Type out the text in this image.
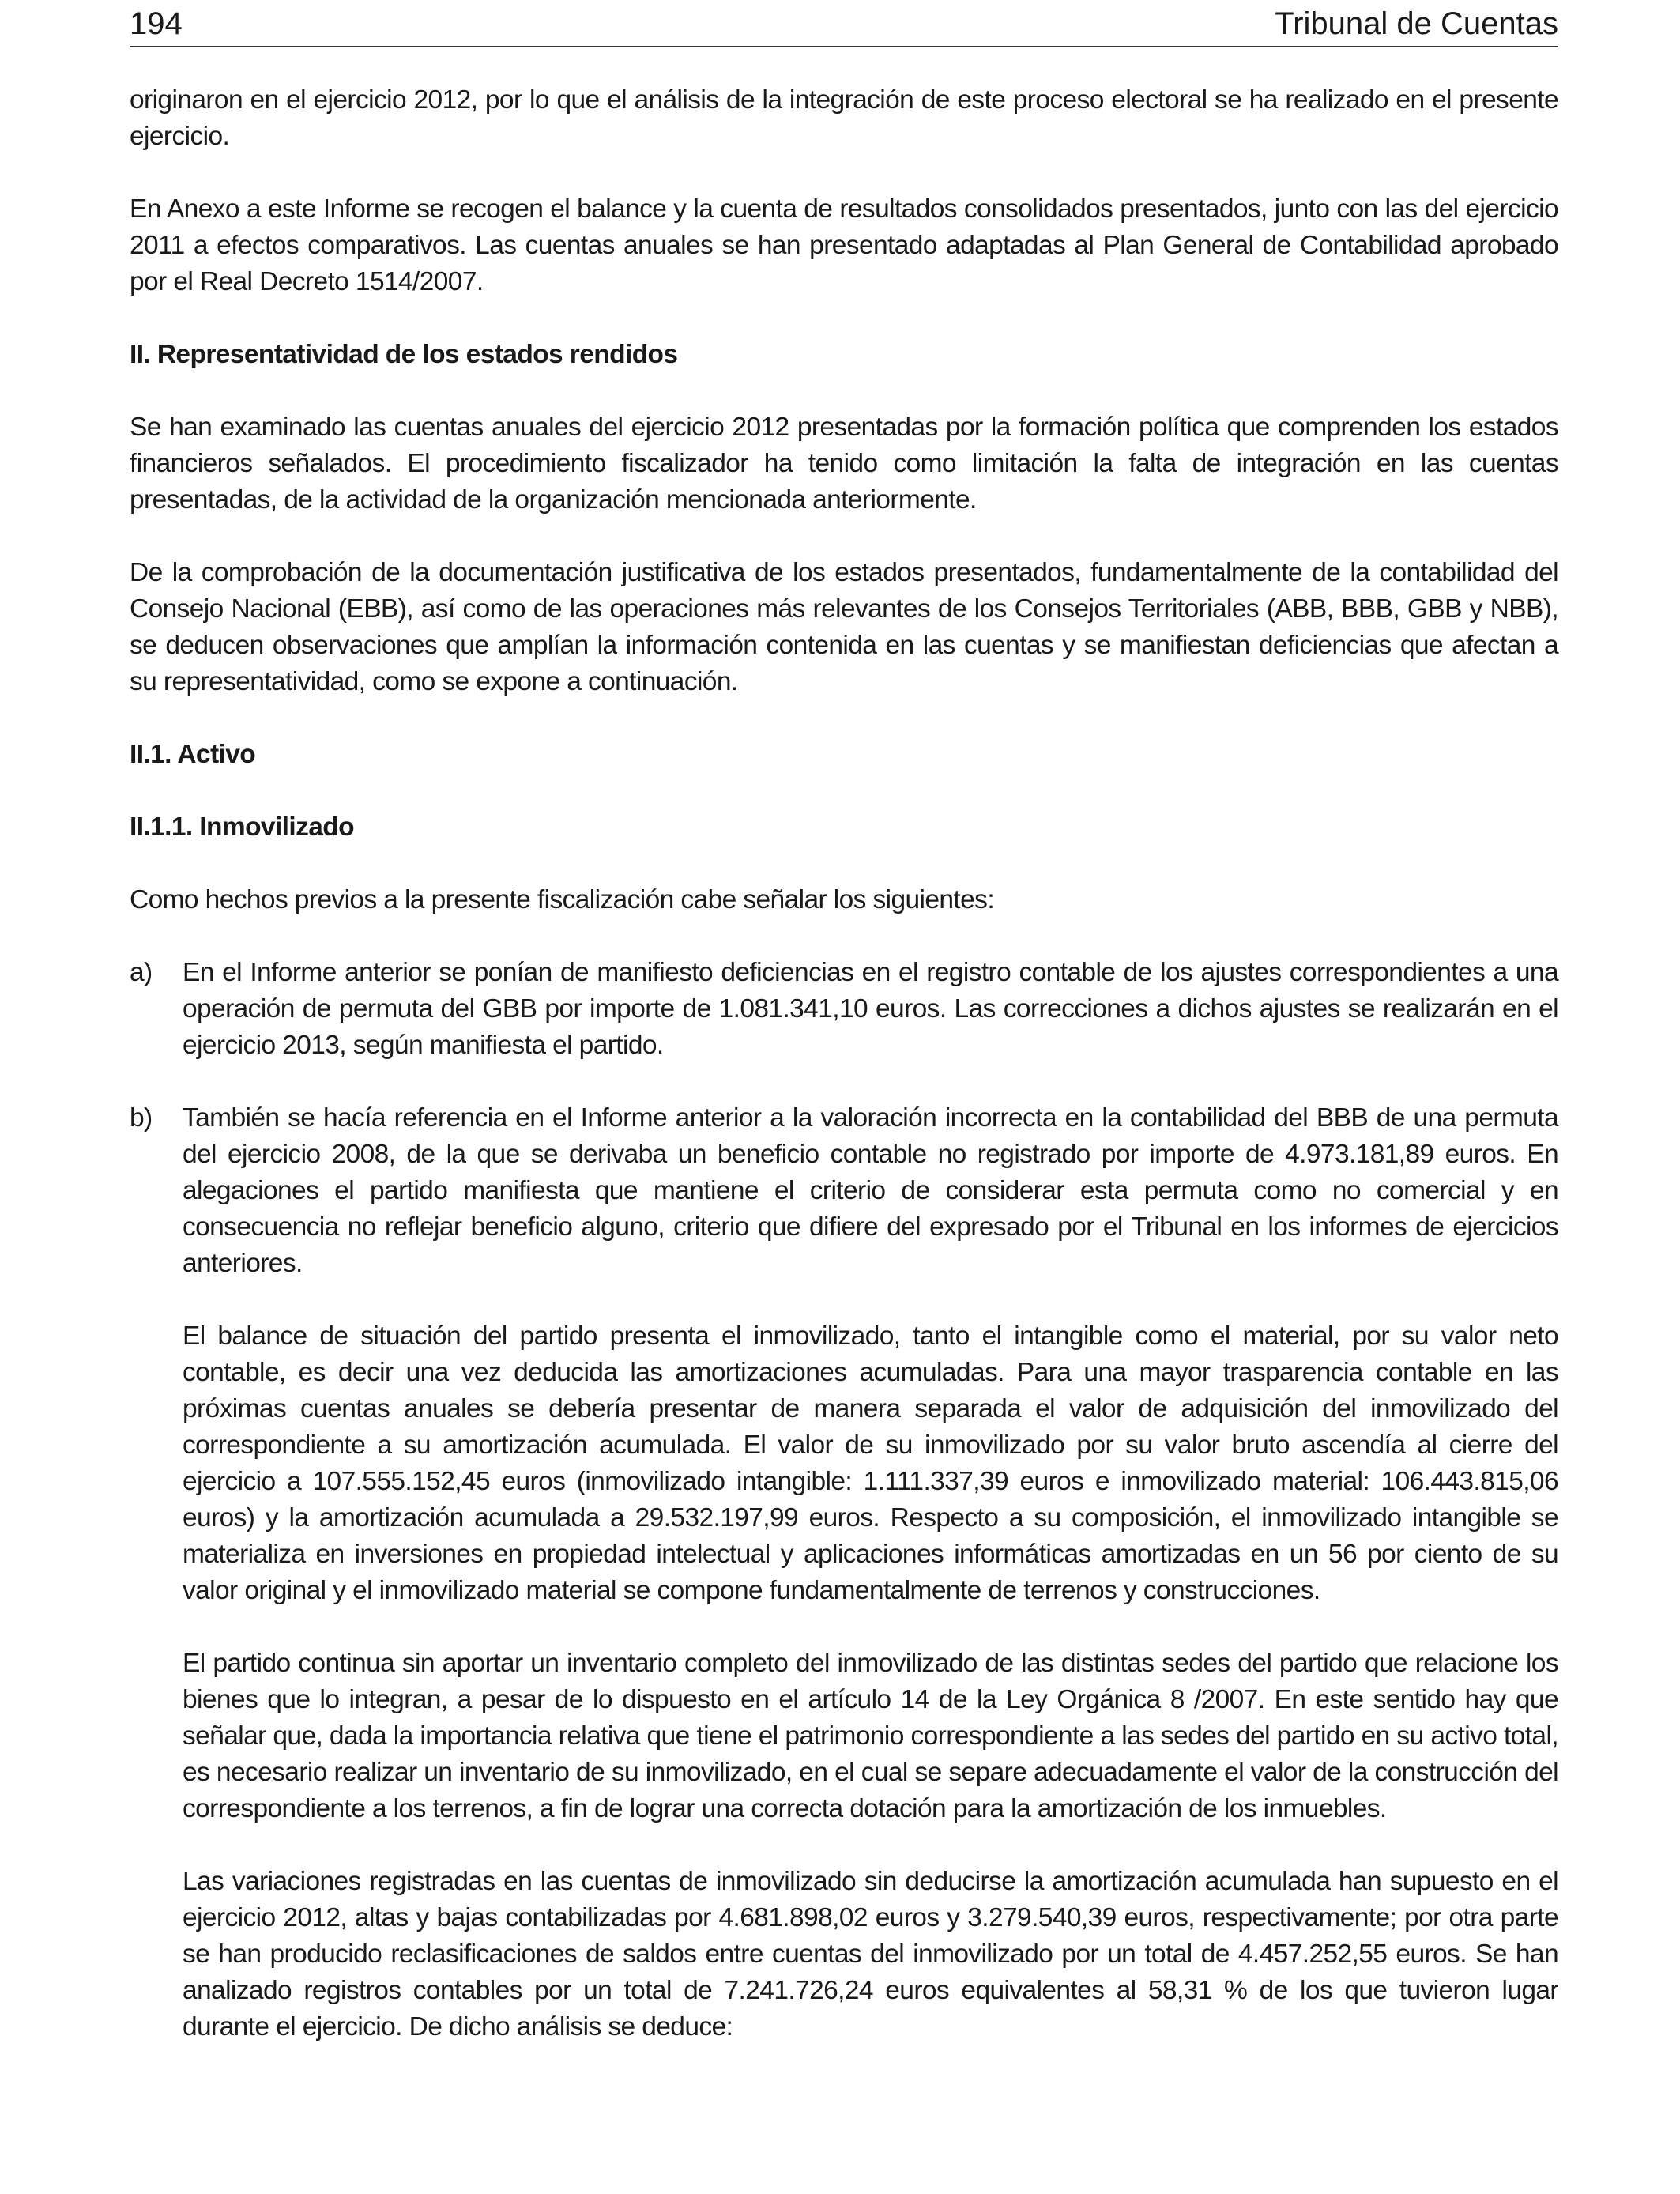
194	Tribunal de Cuentas

originaron en el ejercicio 2012, por lo que el análisis de la integración de este proceso electoral se ha realizado en el presente ejercicio.

En Anexo a este Informe se recogen el balance y la cuenta de resultados consolidados presentados, junto con las del ejercicio 2011 a efectos comparativos. Las cuentas anuales se han presentado adaptadas al Plan General de Contabilidad aprobado por el Real Decreto 1514/2007.

II. Representatividad de los estados rendidos

Se han examinado las cuentas anuales del ejercicio 2012 presentadas por la formación política que comprenden los estados financieros señalados. El procedimiento fiscalizador ha tenido como limitación la falta de integración en las cuentas presentadas, de la actividad de la organización mencionada anteriormente.

De la comprobación de la documentación justificativa de los estados presentados, fundamentalmente de la contabilidad del Consejo Nacional (EBB), así como de las operaciones más relevantes de los Consejos Territoriales (ABB, BBB, GBB y NBB), se deducen observaciones que amplían la información contenida en las cuentas y se manifiestan deficiencias que afectan a su representatividad, como se expone a continuación.

II.1. Activo
II.1.1. Inmovilizado

Como hechos previos a la presente fiscalización cabe señalar los siguientes:

a) En el Informe anterior se ponían de manifiesto deficiencias en el registro contable de los ajustes correspondientes a una operación de permuta del GBB por importe de 1.081.341,10 euros. Las correcciones a dichos ajustes se realizarán en el ejercicio 2013, según manifiesta el partido.
b) También se hacía referencia en el Informe anterior a la valoración incorrecta en la contabilidad del BBB de una permuta del ejercicio 2008, de la que se derivaba un beneficio contable no registrado por importe de 4.973.181,89 euros. En alegaciones el partido manifiesta que mantiene el criterio de considerar esta permuta como no comercial y en consecuencia no reflejar beneficio alguno, criterio que difiere del expresado por el Tribunal en los informes de ejercicios anteriores.

El balance de situación del partido presenta el inmovilizado, tanto el intangible como el material, por su valor neto contable, es decir una vez deducida las amortizaciones acumuladas. Para una mayor trasparencia contable en las próximas cuentas anuales se debería presentar de manera separada el valor de adquisición del inmovilizado del correspondiente a su amortización acumulada. El valor de su inmovilizado por su valor bruto ascendía al cierre del ejercicio a 107.555.152,45 euros (inmovilizado intangible: 1.111.337,39 euros e inmovilizado material: 106.443.815,06 euros) y la amortización acumulada a 29.532.197,99 euros. Respecto a su composición, el inmovilizado intangible se materializa en inversiones en propiedad intelectual y aplicaciones informáticas amortizadas en un 56 por ciento de su valor original y el inmovilizado material se compone fundamentalmente de terrenos y construcciones.

El partido continua sin aportar un inventario completo del inmovilizado de las distintas sedes del partido que relacione los bienes que lo integran, a pesar de lo dispuesto en el artículo 14 de la Ley Orgánica 8 /2007. En este sentido hay que señalar que, dada la importancia relativa que tiene el patrimonio correspondiente a las sedes del partido en su activo total, es necesario realizar un inventario de su inmovilizado, en el cual se separe adecuadamente el valor de la construcción del correspondiente a los terrenos, a fin de lograr una correcta dotación para la amortización de los inmuebles.

Las variaciones registradas en las cuentas de inmovilizado sin deducirse la amortización acumulada han supuesto en el ejercicio 2012, altas y bajas contabilizadas por 4.681.898,02 euros y 3.279.540,39 euros, respectivamente; por otra parte se han producido reclasificaciones de saldos entre cuentas del inmovilizado por un total de 4.457.252,55 euros. Se han analizado registros contables por un total de 7.241.726,24 euros equivalentes al 58,31 % de los que tuvieron lugar durante el ejercicio. De dicho análisis se deduce:
